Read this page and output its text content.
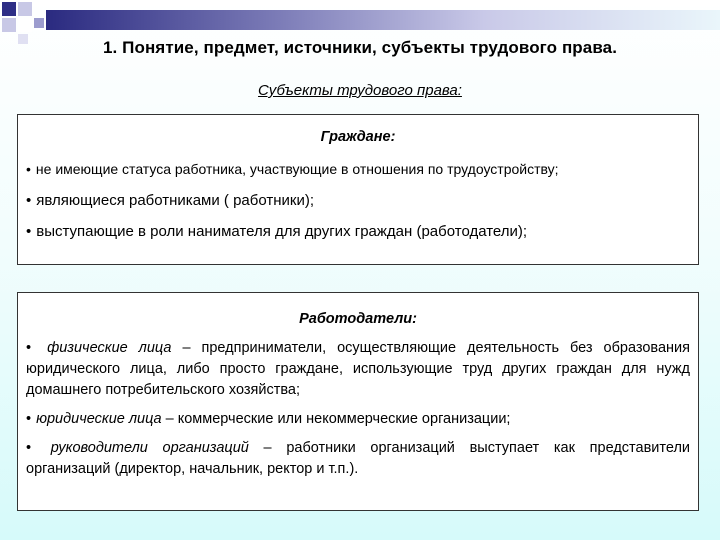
1. Понятие, предмет, источники, субъекты трудового права.
Субъекты трудового права:

Граждане:

• не имеющие статуса работника, участвующие в отношения по трудоустройству;

• являющиеся работниками ( работники);

• выступающие в роли нанимателя для других граждан (работодатели);

Работодатели:

• физические лица – предприниматели, осуществляющие деятельность без образования юридического лица, либо просто граждане, использующие труд других граждан для нужд домашнего потребительского хозяйства;

• юридические лица – коммерческие или некоммерческие организации;

• руководители организаций – работники организаций выступает как представители организаций (директор, начальник, ректор и т.п.).
